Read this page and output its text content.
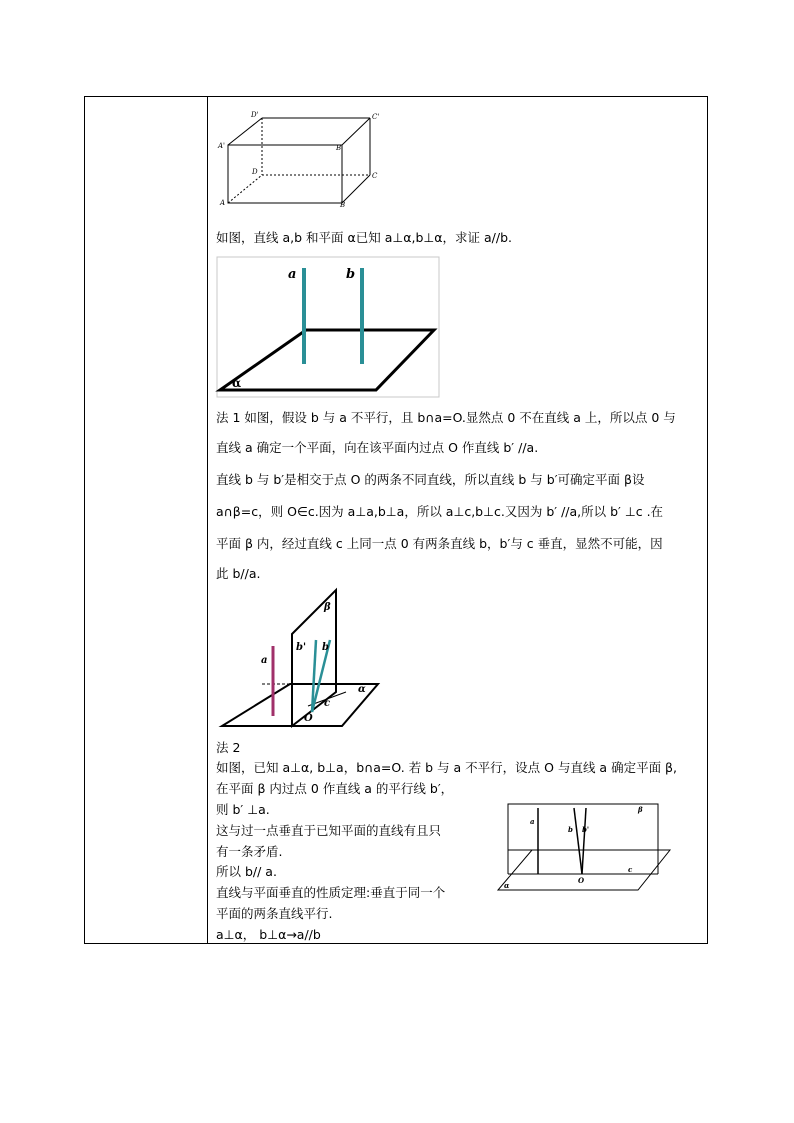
D'	C'
A'	B'
D	C
A	B
如图，直线 a,b 和平面 α已知 a⊥α,b⊥α，求证 a//b.
a	b
α
法 1 如图，假设 b 与 a 不平行，且 b∩a=O.显然点 0 不在直线 a 上，所以点 0 与
直线 a 确定一个平面，向在该平面内过点 O 作直线 b′ //a.
直线 b 与 b′是相交于点 O 的两条不同直线，所以直线 b 与 b′可确定平面 β设
a∩β=c，则 O∈c.因为 a⊥a,b⊥a，所以 a⊥c,b⊥c.又因为 b′ //a,所以 b′ ⊥c .在
平面 β 内，经过直线 c 上同一点 0 有两条直线 b，b′与 c 垂直，显然不可能，因
此 b//a.
β
a
b' b
α
c
O
法 2
如图，已知 a⊥α, b⊥a，b∩a=O. 若 b 与 a 不平行，设点 O 与直线 a 确定平面 β,
在平面 β 内过点 0 作直线 a 的平行线 b′，
则 b′ ⊥a.
这与过一点垂直于已知平面的直线有且只
有一条矛盾.
所以 b// a.
直线与平面垂直的性质定理:垂直于同一个
平面的两条直线平行.
a⊥α， b⊥α→a//b
β
a
b b'
c
O
α
